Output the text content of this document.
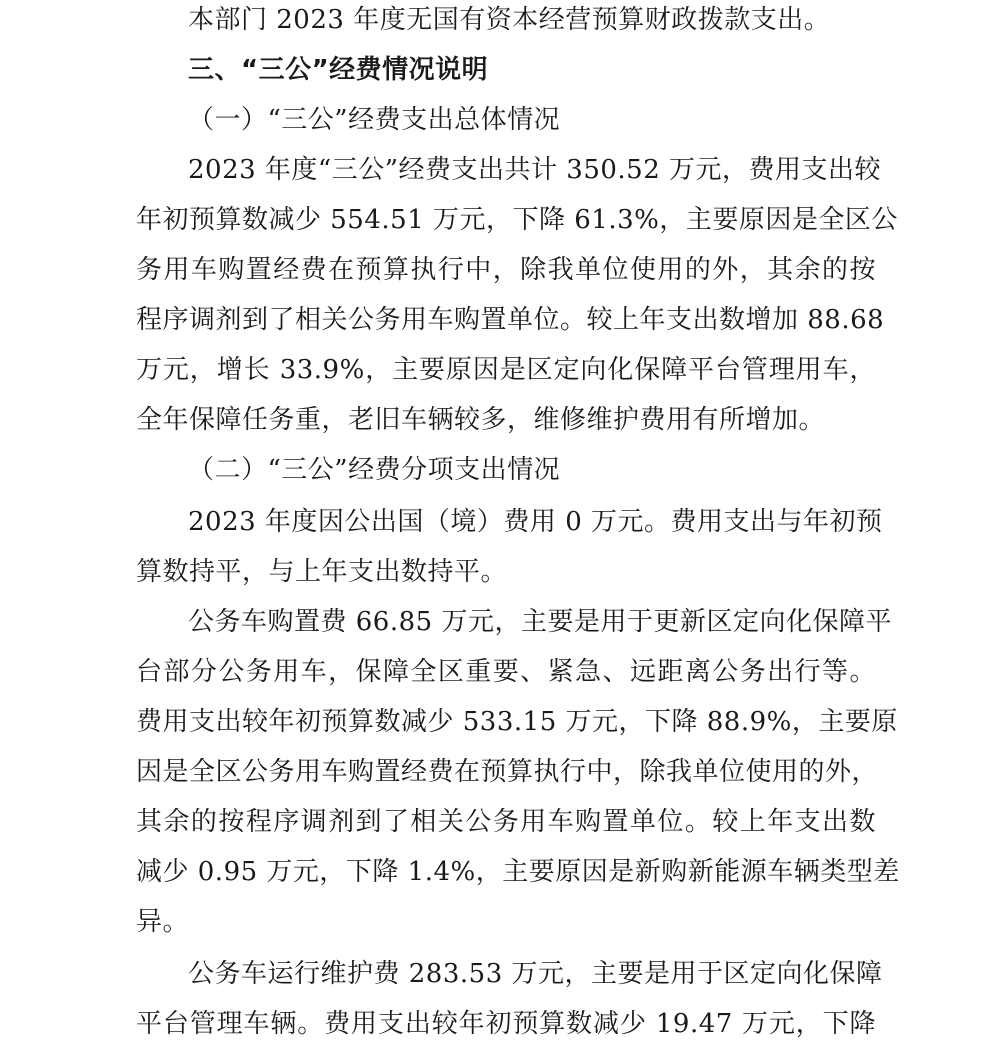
本部门 2023 年度无国有资本经营预算财政拨款支出。
三、“三公”经费情况说明
（一）“三公”经费支出总体情况
2023 年度“三公”经费支出共计 350.52 万元，费用支出较
年初预算数减少 554.51 万元，下降 61.3%，主要原因是全区公
务用车购置经费在预算执行中，除我单位使用的外，其余的按
程序调剂到了相关公务用车购置单位。较上年支出数增加 88.68
万元，增长 33.9%，主要原因是区定向化保障平台管理用车，
全年保障任务重，老旧车辆较多，维修维护费用有所增加。
（二）“三公”经费分项支出情况
2023 年度因公出国（境）费用 0 万元。费用支出与年初预
算数持平，与上年支出数持平。
公务车购置费 66.85 万元，主要是用于更新区定向化保障平
台部分公务用车，保障全区重要、紧急、远距离公务出行等。
费用支出较年初预算数减少 533.15 万元，下降 88.9%，主要原
因是全区公务用车购置经费在预算执行中，除我单位使用的外，
其余的按程序调剂到了相关公务用车购置单位。较上年支出数
减少 0.95 万元，下降 1.4%，主要原因是新购新能源车辆类型差
异。
公务车运行维护费 283.53 万元，主要是用于区定向化保障
平台管理车辆。费用支出较年初预算数减少 19.47 万元，下降
